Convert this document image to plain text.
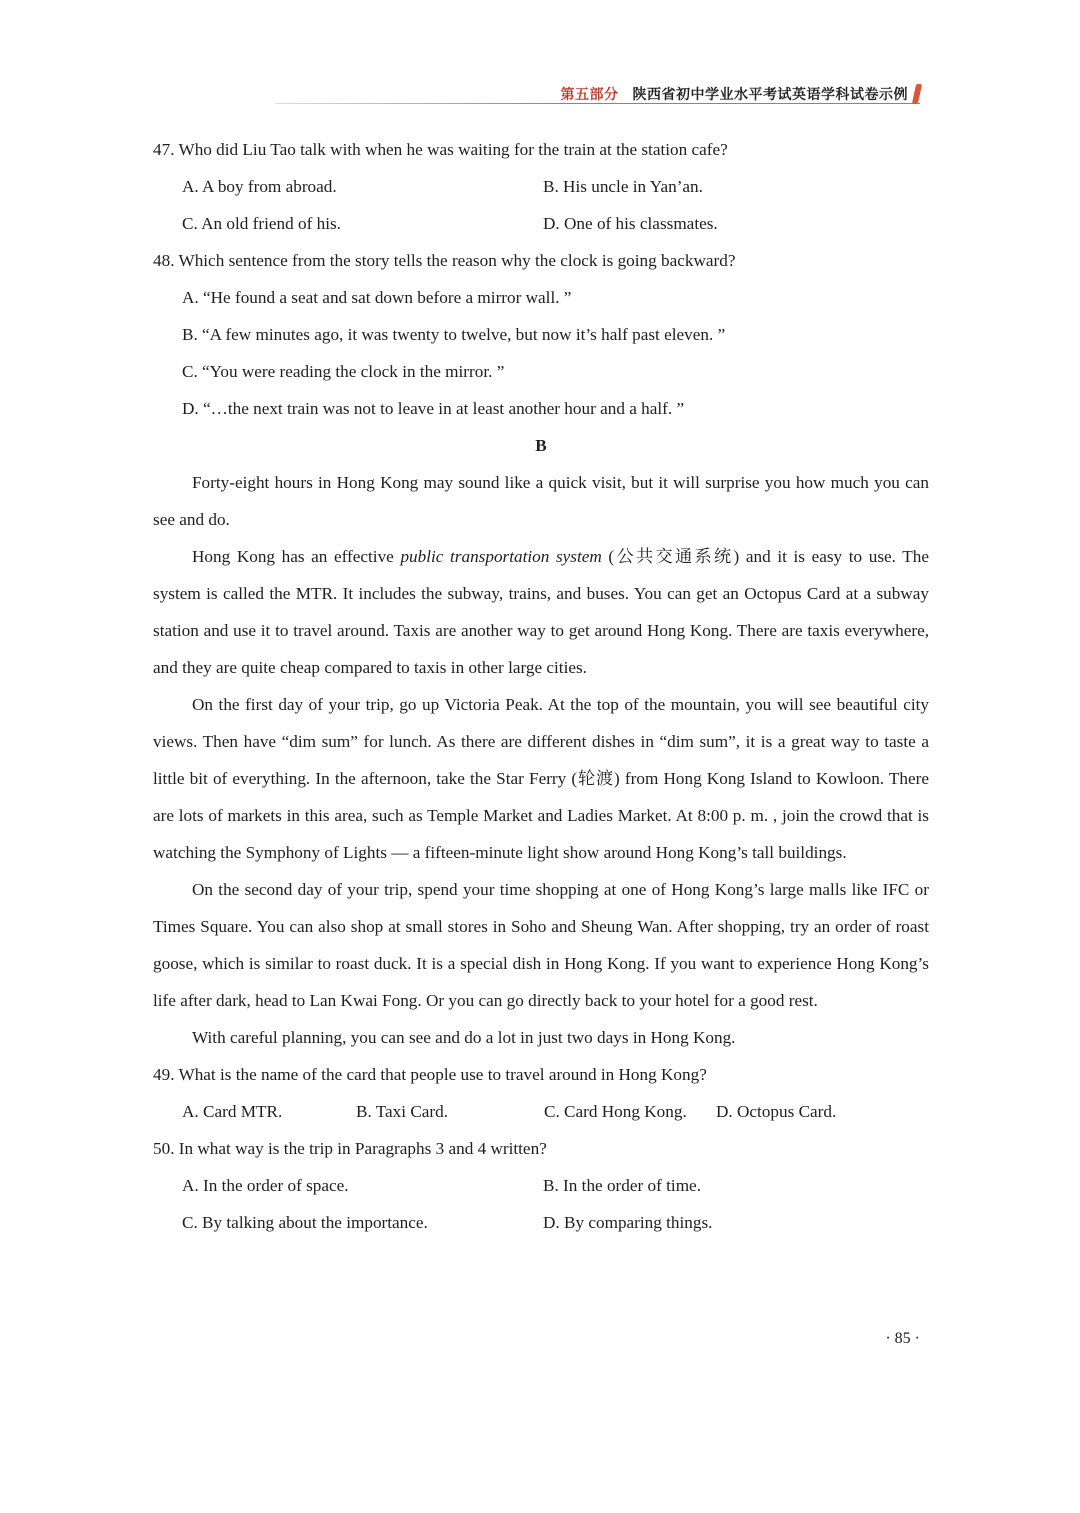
第五部分 陕西省初中学业水平考试英语学科试卷示例
47. Who did Liu Tao talk with when he was waiting for the train at the station cafe?
A. A boy from abroad.	B. His uncle in Yan’an.
C. An old friend of his.	D. One of his classmates.
48. Which sentence from the story tells the reason why the clock is going backward?
A. “He found a seat and sat down before a mirror wall. ”
B. “A few minutes ago, it was twenty to twelve, but now it’s half past eleven. ”
C. “You were reading the clock in the mirror. ”
D. “…the next train was not to leave in at least another hour and a half. ”
B

Forty-eight hours in Hong Kong may sound like a quick visit, but it will surprise you how much you can see and do.

Hong Kong has an effective public transportation system (公共交通系统) and it is easy to use. The system is called the MTR. It includes the subway, trains, and buses. You can get an Octopus Card at a subway station and use it to travel around. Taxis are another way to get around Hong Kong. There are taxis everywhere, and they are quite cheap compared to taxis in other large cities.

On the first day of your trip, go up Victoria Peak. At the top of the mountain, you will see beautiful city views. Then have “dim sum” for lunch. As there are different dishes in “dim sum”, it is a great way to taste a little bit of everything. In the afternoon, take the Star Ferry (轮渡) from Hong Kong Island to Kowloon. There are lots of markets in this area, such as Temple Market and Ladies Market. At 8:00 p. m. , join the crowd that is watching the Symphony of Lights — a fifteen-minute light show around Hong Kong’s tall buildings.

On the second day of your trip, spend your time shopping at one of Hong Kong’s large malls like IFC or Times Square. You can also shop at small stores in Soho and Sheung Wan. After shopping, try an order of roast goose, which is similar to roast duck. It is a special dish in Hong Kong. If you want to experience Hong Kong’s life after dark, head to Lan Kwai Fong. Or you can go directly back to your hotel for a good rest.

With careful planning, you can see and do a lot in just two days in Hong Kong.

49. What is the name of the card that people use to travel around in Hong Kong?
A. Card MTR.	B. Taxi Card.	C. Card Hong Kong.	D. Octopus Card.
50. In what way is the trip in Paragraphs 3 and 4 written?
A. In the order of space.	B. In the order of time.
C. By talking about the importance.	D. By comparing things.
· 85 ·
